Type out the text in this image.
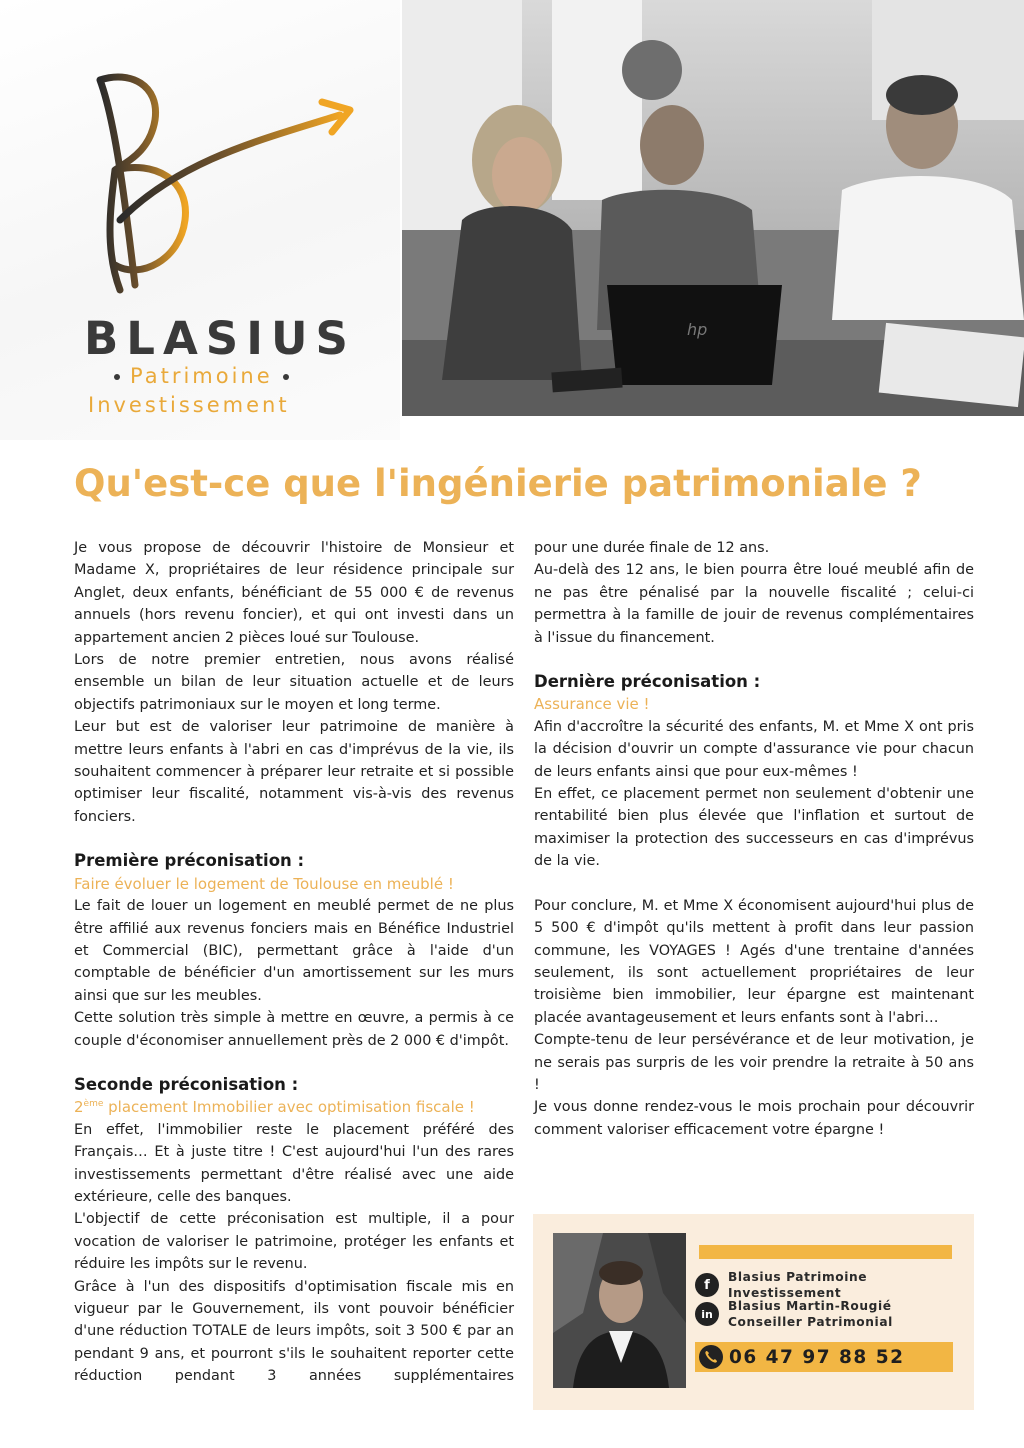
BLASIUS
Patrimoine
Investissement
hp
Qu'est-ce que l'ingénierie patrimoniale ?

Je vous propose de découvrir l'histoire de Monsieur et Madame X, propriétaires de leur résidence principale sur Anglet, deux enfants, bénéficiant de 55 000 € de revenus annuels (hors revenu foncier), et qui ont investi dans un appartement ancien 2 pièces loué sur Toulouse.

Lors de notre premier entretien, nous avons réalisé ensemble un bilan de leur situation actuelle et de leurs objectifs patrimoniaux sur le moyen et long terme.

Leur but est de valoriser leur patrimoine de manière à mettre leurs enfants à l'abri en cas d'imprévus de la vie, ils souhaitent commencer à préparer leur retraite et si possible optimiser leur fiscalité, notamment vis-à-vis des revenus fonciers.

Première préconisation :
Faire évoluer le logement de Toulouse en meublé !

Le fait de louer un logement en meublé permet de ne plus être affilié aux revenus fonciers mais en Bénéfice Industriel et Commercial (BIC), permettant grâce à l'aide d'un comptable de bénéficier d'un amortissement sur les murs ainsi que sur les meubles.

Cette solution très simple à mettre en œuvre, a permis à ce couple d'économiser annuellement près de 2 000 € d'impôt.

Seconde préconisation :
2ème placement Immobilier avec optimisation fiscale !

En effet, l'immobilier reste le placement préféré des Français… Et à juste titre ! C'est aujourd'hui l'un des rares investissements permettant d'être réalisé avec une aide extérieure, celle des banques.

L'objectif de cette préconisation est multiple, il a pour vocation de valoriser le patrimoine, protéger les enfants et réduire les impôts sur le revenu.

Grâce à l'un des dispositifs d'optimisation fiscale mis en vigueur par le Gouvernement, ils vont pouvoir bénéficier d'une réduction TOTALE de leurs impôts, soit 3 500 € par an pendant 9 ans, et pourront s'ils le souhaitent reporter cette réduction pendant 3 années supplémentaires

pour une durée finale de 12 ans.

Au-delà des 12 ans, le bien pourra être loué meublé afin de ne pas être pénalisé par la nouvelle fiscalité ; celui-ci permettra à la famille de jouir de revenus complémentaires à l'issue du financement.

Dernière préconisation :
Assurance vie !

Afin d'accroître la sécurité des enfants, M. et Mme X ont pris la décision d'ouvrir un compte d'assurance vie pour chacun de leurs enfants ainsi que pour eux-mêmes !

En effet, ce placement permet non seulement d'obtenir une rentabilité bien plus élevée que l'inflation et surtout de maximiser la protection des successeurs en cas d'imprévus de la vie.

Pour conclure, M. et Mme X économisent aujourd'hui plus de 5 500 € d'impôt qu'ils mettent à profit dans leur passion commune, les VOYAGES ! Agés d'une trentaine d'années seulement, ils sont actuellement propriétaires de leur troisième bien immobilier, leur épargne est maintenant placée avantageusement et leurs enfants sont à l'abri…

Compte-tenu de leur persévérance et de leur motivation, je ne serais pas surpris de les voir prendre la retraite à 50 ans !

Je vous donne rendez-vous le mois prochain pour découvrir comment valoriser efficacement votre épargne !

f
Blasius Patrimoine Investissement
in
Blasius Martin-Rougié
Conseiller Patrimonial
06 47 97 88 52
